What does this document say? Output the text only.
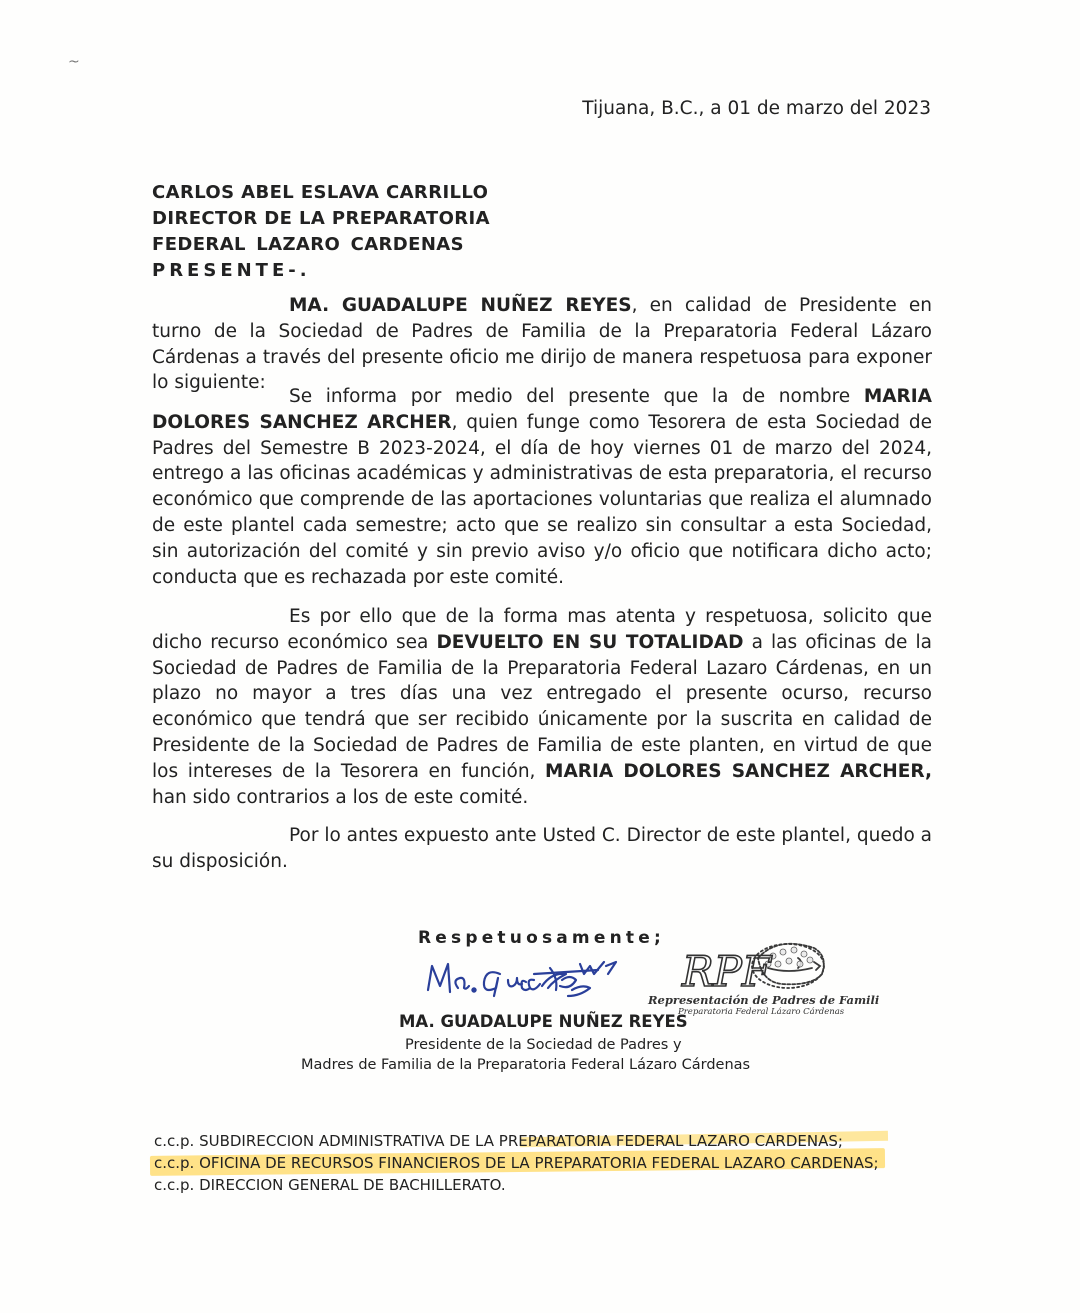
~
Tijuana, B.C., a 01 de marzo del 2023
CARLOS ABEL ESLAVA CARRILLO
DIRECTOR DE LA PREPARATORIA
FEDERAL LAZARO CARDENAS
PRESENTE-.

MA. GUADALUPE NUÑEZ REYES, en calidad de Presidente en turno de la Sociedad de Padres de Familia de la Preparatoria Federal Lázaro Cárdenas a través del presente oficio me dirijo de manera respetuosa para exponer lo siguiente:

Se informa por medio del presente que la de nombre MARIA DOLORES SANCHEZ ARCHER, quien funge como Tesorera de esta Sociedad de Padres del Semestre B 2023-2024, el día de hoy viernes 01 de marzo del 2024, entrego a las oficinas académicas y administrativas de esta preparatoria, el recurso económico que comprende de las aportaciones voluntarias que realiza el alumnado de este plantel cada semestre; acto que se realizo sin consultar a esta Sociedad, sin autorización del comité y sin previo aviso y/o oficio que notificara dicho acto; conducta que es rechazada por este comité.

Es por ello que de la forma mas atenta y respetuosa, solicito que dicho recurso económico sea DEVUELTO EN SU TOTALIDAD a las oficinas de la Sociedad de Padres de Familia de la Preparatoria Federal Lazaro Cárdenas, en un plazo no mayor a tres días una vez entregado el presente ocurso, recurso económico que tendrá que ser recibido únicamente por la suscrita en calidad de Presidente de la Sociedad de Padres de Familia de este planten, en virtud de que los intereses de la Tesorera en función, MARIA DOLORES SANCHEZ ARCHER, han sido contrarios a los de este comité.

Por lo antes expuesto ante Usted C. Director de este plantel, quedo a su disposición.

Respetuosamente;
RPF
Representación de Padres de Famili
Preparatoria Federal Lázaro Cárdenas
MA. GUADALUPE NUÑEZ REYES
Presidente de la Sociedad de Padres y
Madres de Familia de la Preparatoria Federal Lázaro Cárdenas
c.c.p. SUBDIRECCION ADMINISTRATIVA DE LA PREPARATORIA FEDERAL LAZARO CARDENAS;
c.c.p. OFICINA DE RECURSOS FINANCIEROS DE LA PREPARATORIA FEDERAL LAZARO CARDENAS;
c.c.p. DIRECCION GENERAL DE BACHILLERATO.
